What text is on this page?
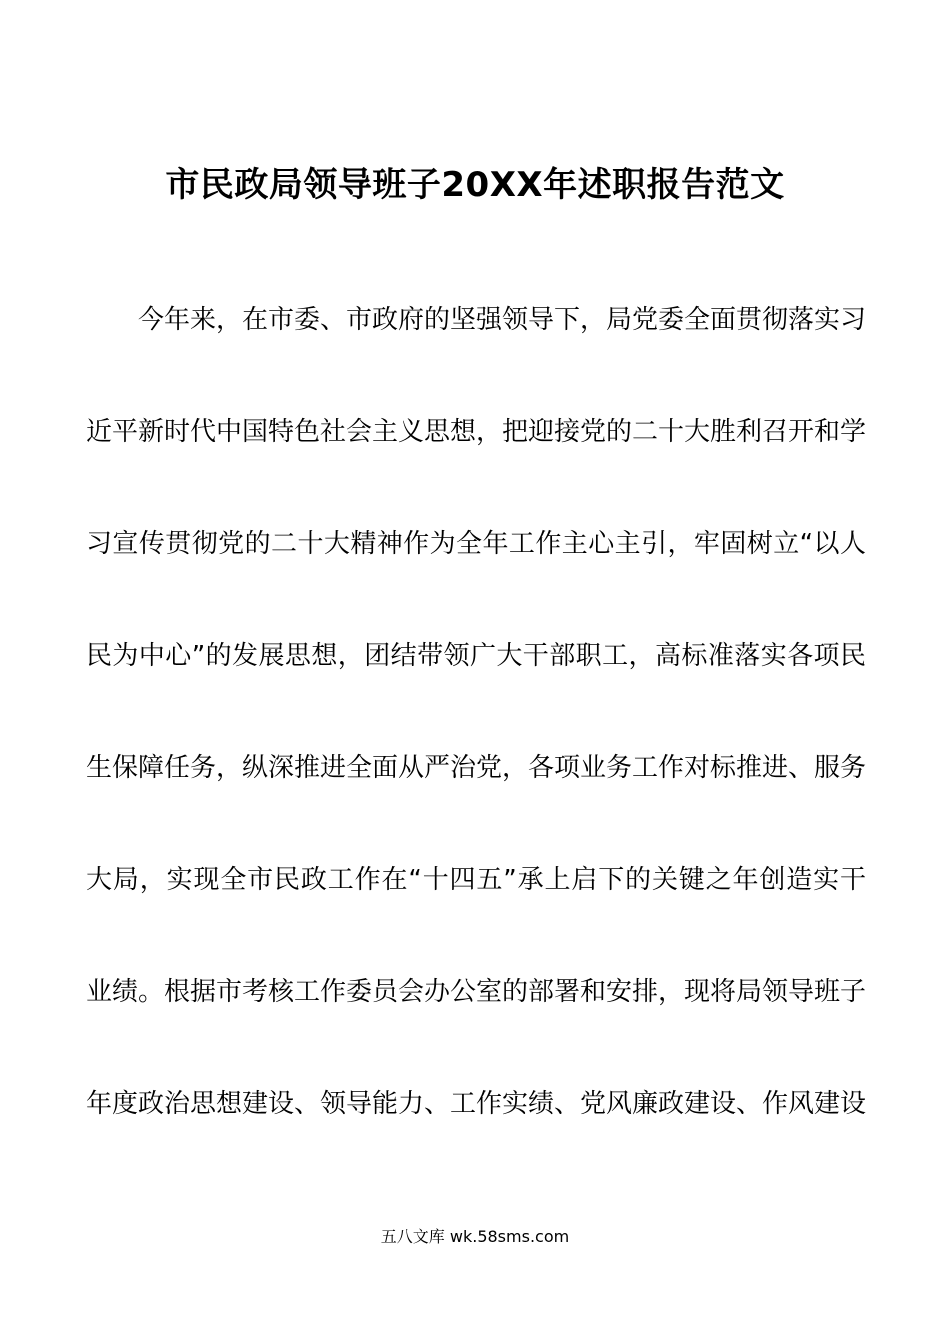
市民政局领导班子20XX年述职报告范文
今年来，在市委、市政府的坚强领导下，局党委全面贯彻落实习
近平新时代中国特色社会主义思想，把迎接党的二十大胜利召开和学
习宣传贯彻党的二十大精神作为全年工作主心主引，牢固树立“以人
民为中心”的发展思想，团结带领广大干部职工，高标准落实各项民
生保障任务，纵深推进全面从严治党，各项业务工作对标推进、服务
大局，实现全市民政工作在“十四五”承上启下的关键之年创造实干
业绩。根据市考核工作委员会办公室的部署和安排，现将局领导班子
年度政治思想建设、领导能力、工作实绩、党风廉政建设、作风建设
五八文库 wk.58sms.com
